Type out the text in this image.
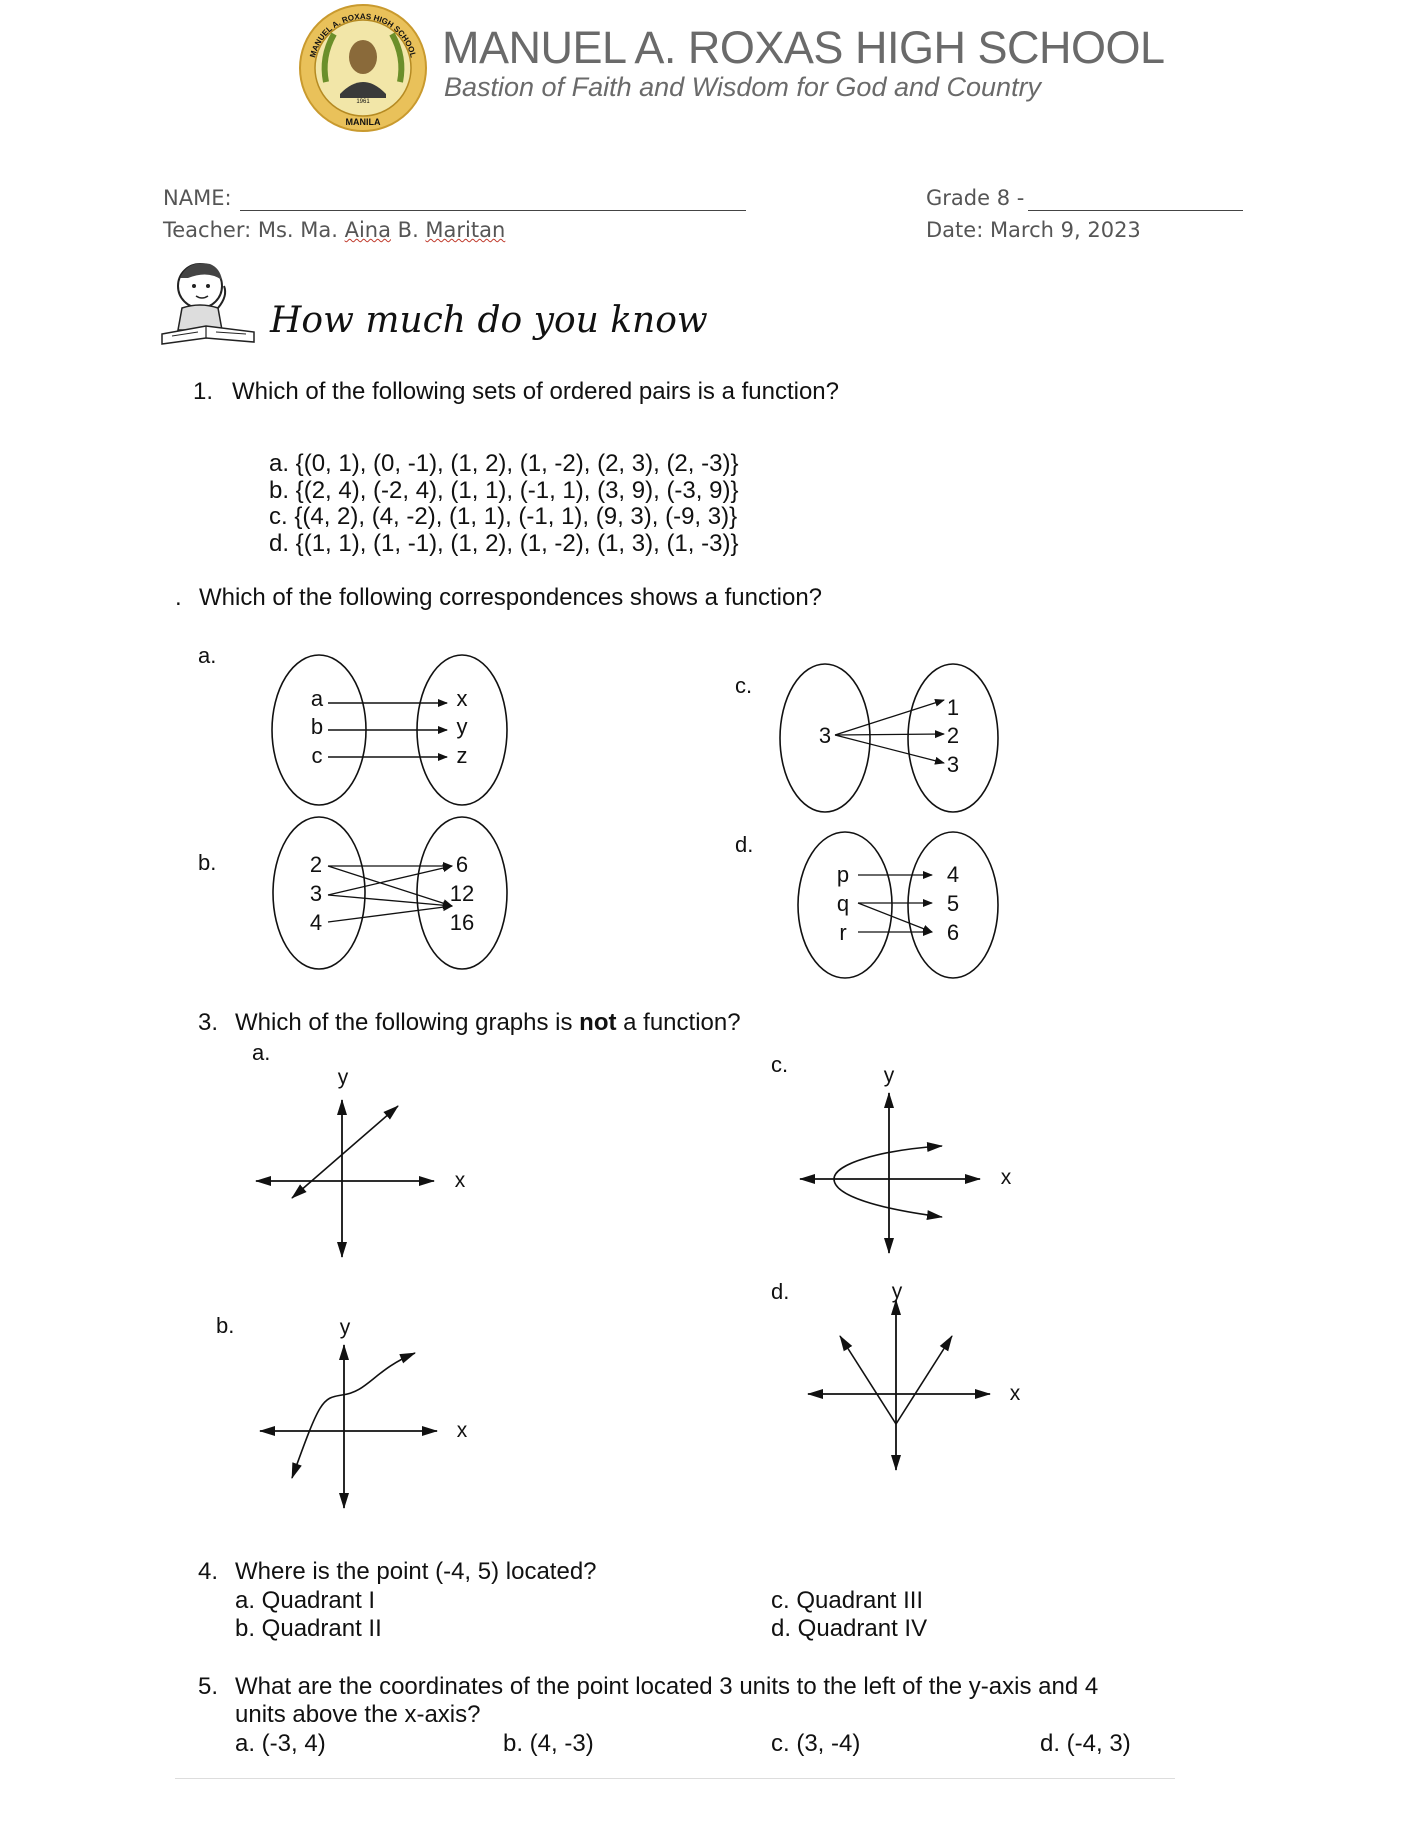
MANUEL A. ROXAS HIGH SCHOOL
1961
MANILA
MANUEL A. ROXAS HIGH SCHOOL
Bastion of Faith and Wisdom for God and Country
NAME:
Teacher: Ms. Ma. Aina B. Maritan
Grade 8 -
Date: March 9, 2023
How much do you know
1. Which of the following sets of ordered pairs is a function?
a. {(0, 1), (0, -1), (1, 2), (1, -2), (2, 3), (2, -3)}
b. {(2, 4), (-2, 4), (1, 1), (-1, 1), (3, 9), (-3, 9)}
c. {(4, 2), (4, -2), (1, 1), (-1, 1), (9, 3), (-9, 3)}
d. {(1, 1), (1, -1), (1, 2), (1, -2), (1, 3), (1, -3)}
. Which of the following correspondences shows a function?
a.
b.
c.
d.
a
b
c
x
y
z
2
3
4
6
12
16
3
1
2
3
p
q
r
4
5
6
x
y
x
y
x
y
x
y
3. Which of the following graphs is not a function?
a.
b.
c.
d.
4. Where is the point (-4, 5) located?
a. Quadrant I
b. Quadrant II
c. Quadrant III
d. Quadrant IV
5. What are the coordinates of the point located 3 units to the left of the y-axis and 4
units above the x-axis?
a. (-3, 4)	b. (4, -3)	c. (3, -4)	d. (-4, 3)
